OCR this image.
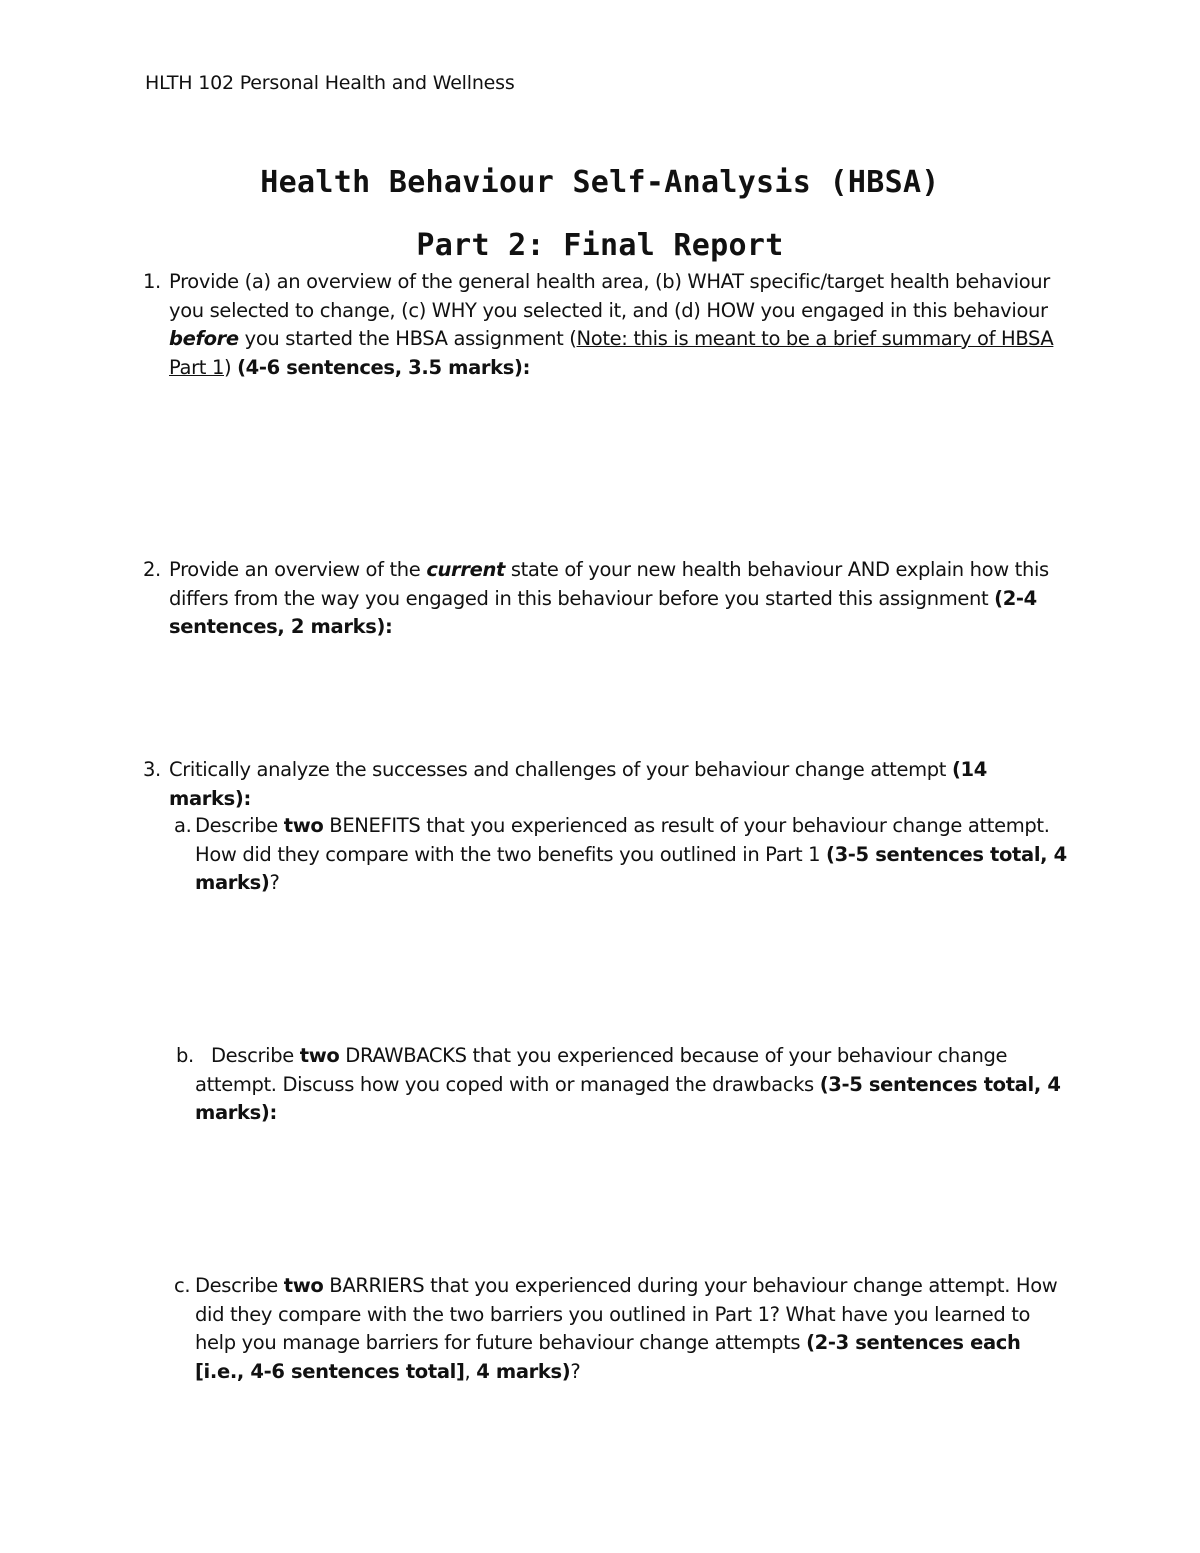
HLTH 102 Personal Health and Wellness
Health Behaviour Self-Analysis (HBSA)
Part 2: Final Report
1. Provide (a) an overview of the general health area, (b) WHAT specific/target health behaviour you selected to change, (c) WHY you selected it, and (d) HOW you engaged in this behaviour before you started the HBSA assignment (Note: this is meant to be a brief summary of HBSA Part 1) (4-6 sentences, 3.5 marks):
2. Provide an overview of the current state of your new health behaviour AND explain how this differs from the way you engaged in this behaviour before you started this assignment (2-4 sentences, 2 marks):
3. Critically analyze the successes and challenges of your behaviour change attempt (14 marks):
a. Describe two BENEFITS that you experienced as result of your behaviour change attempt. How did they compare with the two benefits you outlined in Part 1 (3-5 sentences total, 4 marks)?
b. Describe two DRAWBACKS that you experienced because of your behaviour change attempt. Discuss how you coped with or managed the drawbacks (3-5 sentences total, 4 marks):
c. Describe two BARRIERS that you experienced during your behaviour change attempt. How did they compare with the two barriers you outlined in Part 1? What have you learned to help you manage barriers for future behaviour change attempts (2-3 sentences each [i.e., 4-6 sentences total], 4 marks)?
